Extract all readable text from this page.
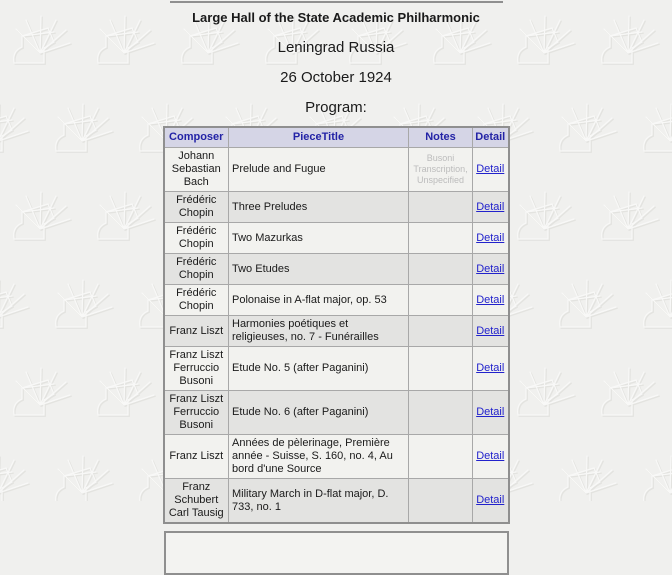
Large Hall of the State Academic Philharmonic
Leningrad Russia
26 October 1924
Program:
Composer	PieceTitle	Notes	Detail
Johann Sebastian Bach	Prelude and Fugue	Busoni Transcription, Unspecified	Detail
Frédéric Chopin	Three Preludes		Detail
Frédéric Chopin	Two Mazurkas		Detail
Frédéric Chopin	Two Etudes		Detail
Frédéric Chopin	Polonaise in A-flat major, op. 53		Detail
Franz Liszt	Harmonies poétiques et religieuses, no. 7 - Funérailles		Detail
Franz Liszt Ferruccio Busoni	Etude No. 5 (after Paganini)		Detail
Franz Liszt Ferruccio Busoni	Etude No. 6 (after Paganini)		Detail
Franz Liszt	Années de pèlerinage, Première année - Suisse, S. 160, no. 4, Au bord d'une Source		Detail
Franz Schubert Carl Tausig	Military March in D-flat major, D. 733, no. 1		Detail
